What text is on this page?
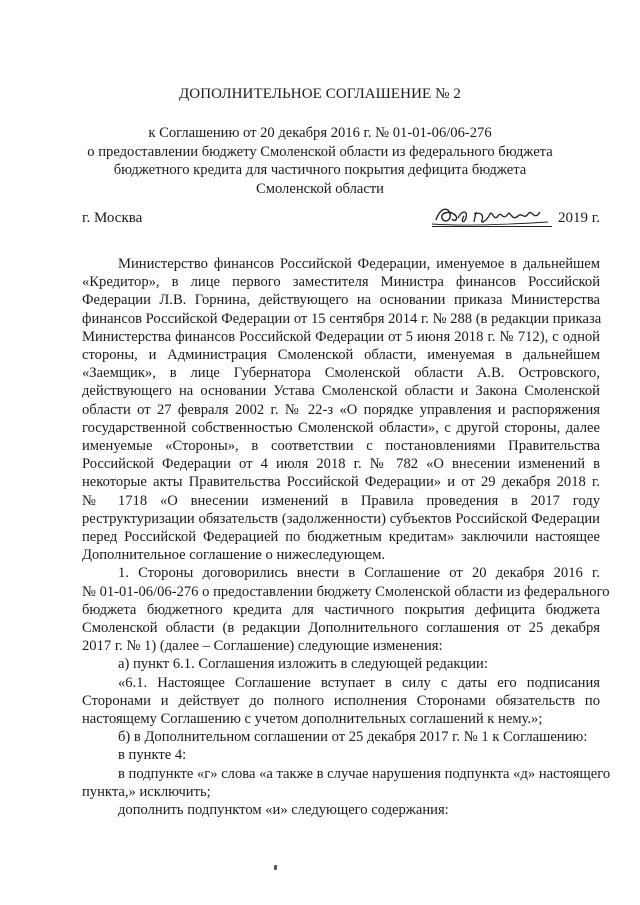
ДОПОЛНИТЕЛЬНОЕ СОГЛАШЕНИЕ № 2
к Соглашению от 20 декабря 2016 г. № 01-01-06/06-276
о предоставлении бюджету Смоленской области из федерального бюджета
бюджетного кредита для частичного покрытия дефицита бюджета
Смоленской области
г. Москва	2019 г.

Министерство финансов Российской Федерации, именуемое в дальнейшем
«Кредитор», в лице первого заместителя Министра финансов Российской
Федерации Л.В. Горнина, действующего на основании приказа Министерства
финансов Российской Федерации от 15 сентября 2014 г. № 288 (в редакции приказа
Министерства финансов Российской Федерации от 5 июня 2018 г. № 712), с одной
стороны, и Администрация Смоленской области, именуемая в дальнейшем
«Заемщик», в лице Губернатора Смоленской области А.В. Островского,
действующего на основании Устава Смоленской области и Закона Смоленской
области от 27 февраля 2002 г. № 22-з «О порядке управления и распоряжения
государственной собственностью Смоленской области», с другой стороны, далее
именуемые «Стороны», в соответствии с постановлениями Правительства
Российской Федерации от 4 июля 2018 г. № 782 «О внесении изменений в
некоторые акты Правительства Российской Федерации» и от 29 декабря 2018 г.
№ 1718 «О внесении изменений в Правила проведения в 2017 году
реструктуризации обязательств (задолженности) субъектов Российской Федерации
перед Российской Федерацией по бюджетным кредитам» заключили настоящее
Дополнительное соглашение о нижеследующем.

1. Стороны договорились внести в Соглашение от 20 декабря 2016 г.
№ 01-01-06/06-276 о предоставлении бюджету Смоленской области из федерального
бюджета бюджетного кредита для частичного покрытия дефицита бюджета
Смоленской области (в редакции Дополнительного соглашения от 25 декабря
2017 г. № 1) (далее – Соглашение) следующие изменения:

а) пункт 6.1. Соглашения изложить в следующей редакции:

«6.1. Настоящее Соглашение вступает в силу с даты его подписания
Сторонами и действует до полного исполнения Сторонами обязательств по
настоящему Соглашению с учетом дополнительных соглашений к нему.»;

б) в Дополнительном соглашении от 25 декабря 2017 г. № 1 к Соглашению:

в пункте 4:

в подпункте «г» слова «а также в случае нарушения подпункта «д» настоящего
пункта,» исключить;

дополнить подпунктом «и» следующего содержания:
